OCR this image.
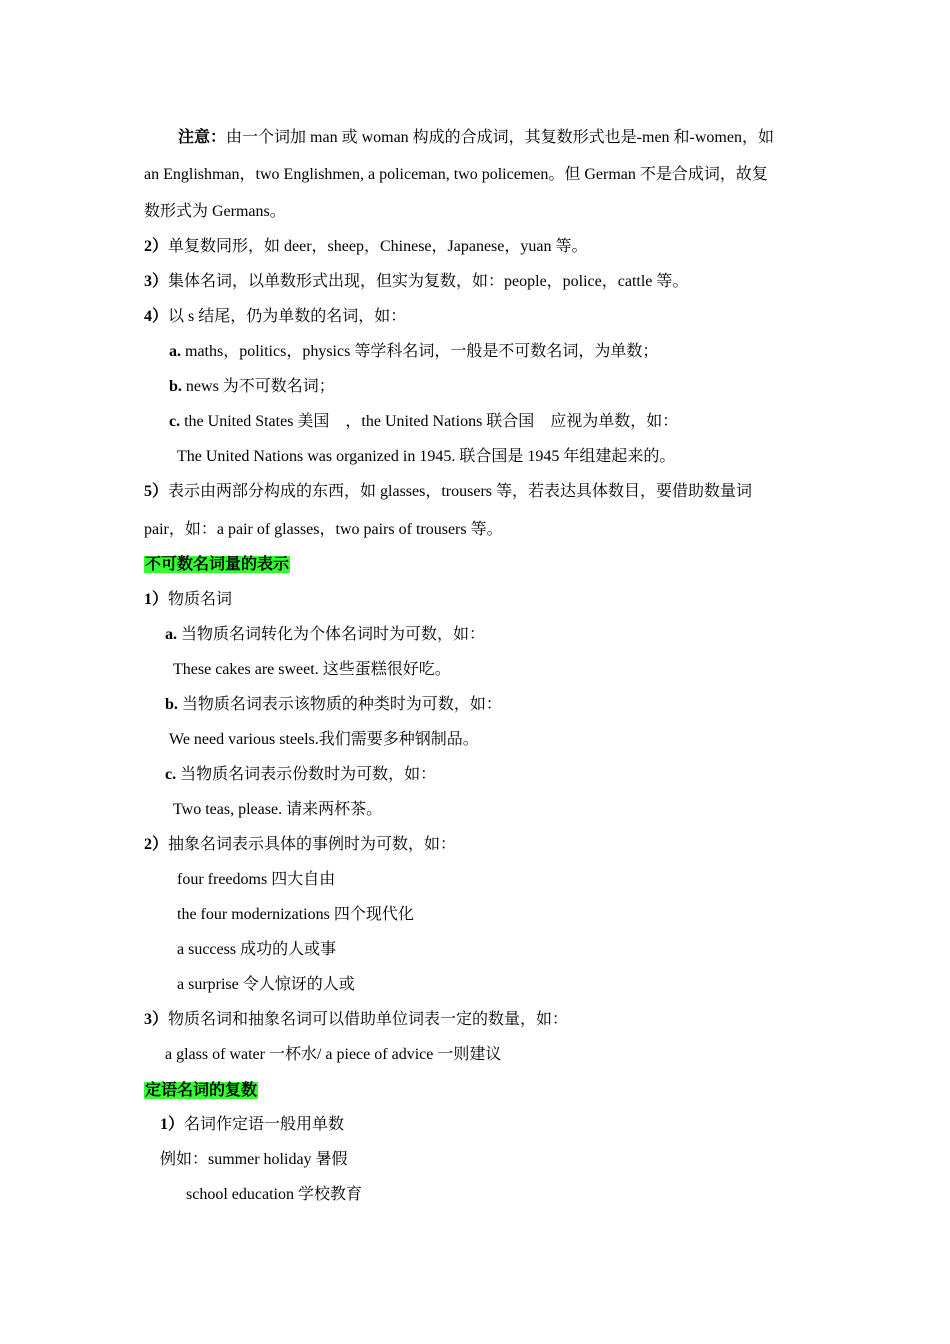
注意：由一个词加 man 或 woman 构成的合成词，其复数形式也是-men 和-women，如
an Englishman，two Englishmen, a policeman, two policemen。但 German 不是合成词，故复
数形式为 Germans。
2）单复数同形，如 deer，sheep，Chinese，Japanese，yuan 等。
3）集体名词，以单数形式出现，但实为复数，如：people，police，cattle 等。
4）以 s 结尾，仍为单数的名词，如：
a. maths，politics，physics 等学科名词，一般是不可数名词，为单数；
b. news 为不可数名词；
c. the United States 美国　，the United Nations 联合国　应视为单数，如：
The United Nations was organized in 1945. 联合国是 1945 年组建起来的。
5）表示由两部分构成的东西，如 glasses，trousers 等，若表达具体数目，要借助数量词
pair，如：a pair of glasses，two pairs of trousers 等。
不可数名词量的表示
1）物质名词
a. 当物质名词转化为个体名词时为可数，如：
These cakes are sweet. 这些蛋糕很好吃。
b. 当物质名词表示该物质的种类时为可数，如：
We need various steels.我们需要多种钢制品。
c. 当物质名词表示份数时为可数，如：
Two teas, please. 请来两杯茶。
2）抽象名词表示具体的事例时为可数，如：
four freedoms 四大自由
the four modernizations 四个现代化
a success 成功的人或事
a surprise 令人惊讶的人或
3）物质名词和抽象名词可以借助单位词表一定的数量，如：
a glass of water 一杯水/ a piece of advice 一则建议
定语名词的复数
1）名词作定语一般用单数
例如：summer holiday 暑假
school education 学校教育
